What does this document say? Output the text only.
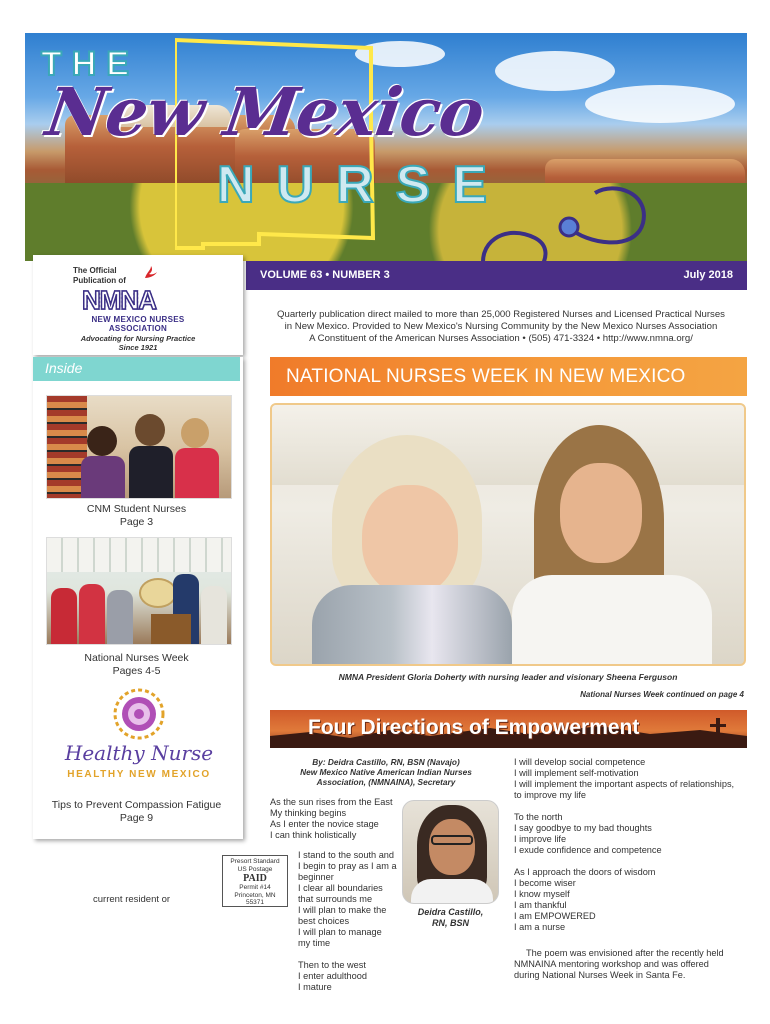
THE
New Mexico
NURSE
VOLUME 63 • NUMBER 3	July 2018
Quarterly publication direct mailed to more than 25,000 Registered Nurses and Licensed Practical Nurses
in New Mexico. Provided to New Mexico's Nursing Community by the New Mexico Nurses Association
A Constituent of the American Nurses Association • (505) 471-3324 • http://www.nmna.org/
The Official
Publication of
NMNA
NEW MEXICO NURSES
ASSOCIATION
Advocating for Nursing Practice
Since 1921
Inside
CNM Student Nurses
Page 3
National Nurses Week
Pages 4-5
Healthy Nurse
HEALTHY NEW MEXICO
Tips to Prevent Compassion Fatigue
Page 9
NATIONAL NURSES WEEK IN NEW MEXICO
NMNA President Gloria Doherty with nursing leader and visionary Sheena Ferguson
National Nurses Week continued on page 4
Four Directions of Empowerment
By: Deidra Castillo, RN, BSN (Navajo)
New Mexico Native American Indian Nurses
Association, (NMNAINA), Secretary
As the sun rises from the East
My thinking begins
As I enter the novice stage
I can think holistically
I stand to the south and
I begin to pray as I am a
beginner
I clear all boundaries
that surrounds me
I will plan to make the
best choices
I will plan to manage
my time
Then to the west
I enter adulthood
I mature
Deidra Castillo,
RN, BSN
I will develop social competence
I will implement self-motivation
I will implement the important aspects of relationships,
to improve my life
To the north
I say goodbye to my bad thoughts
I improve life
I exude confidence and competence
As I approach the doors of wisdom
I become wiser
I know myself
I am thankful
I am EMPOWERED
I am a nurse
The poem was envisioned after the recently held
NMNAINA mentoring workshop and was offered
during National Nurses Week in Santa Fe.
Presort Standard
US Postage
PAID
Permit #14
Princeton, MN
55371
current resident or
